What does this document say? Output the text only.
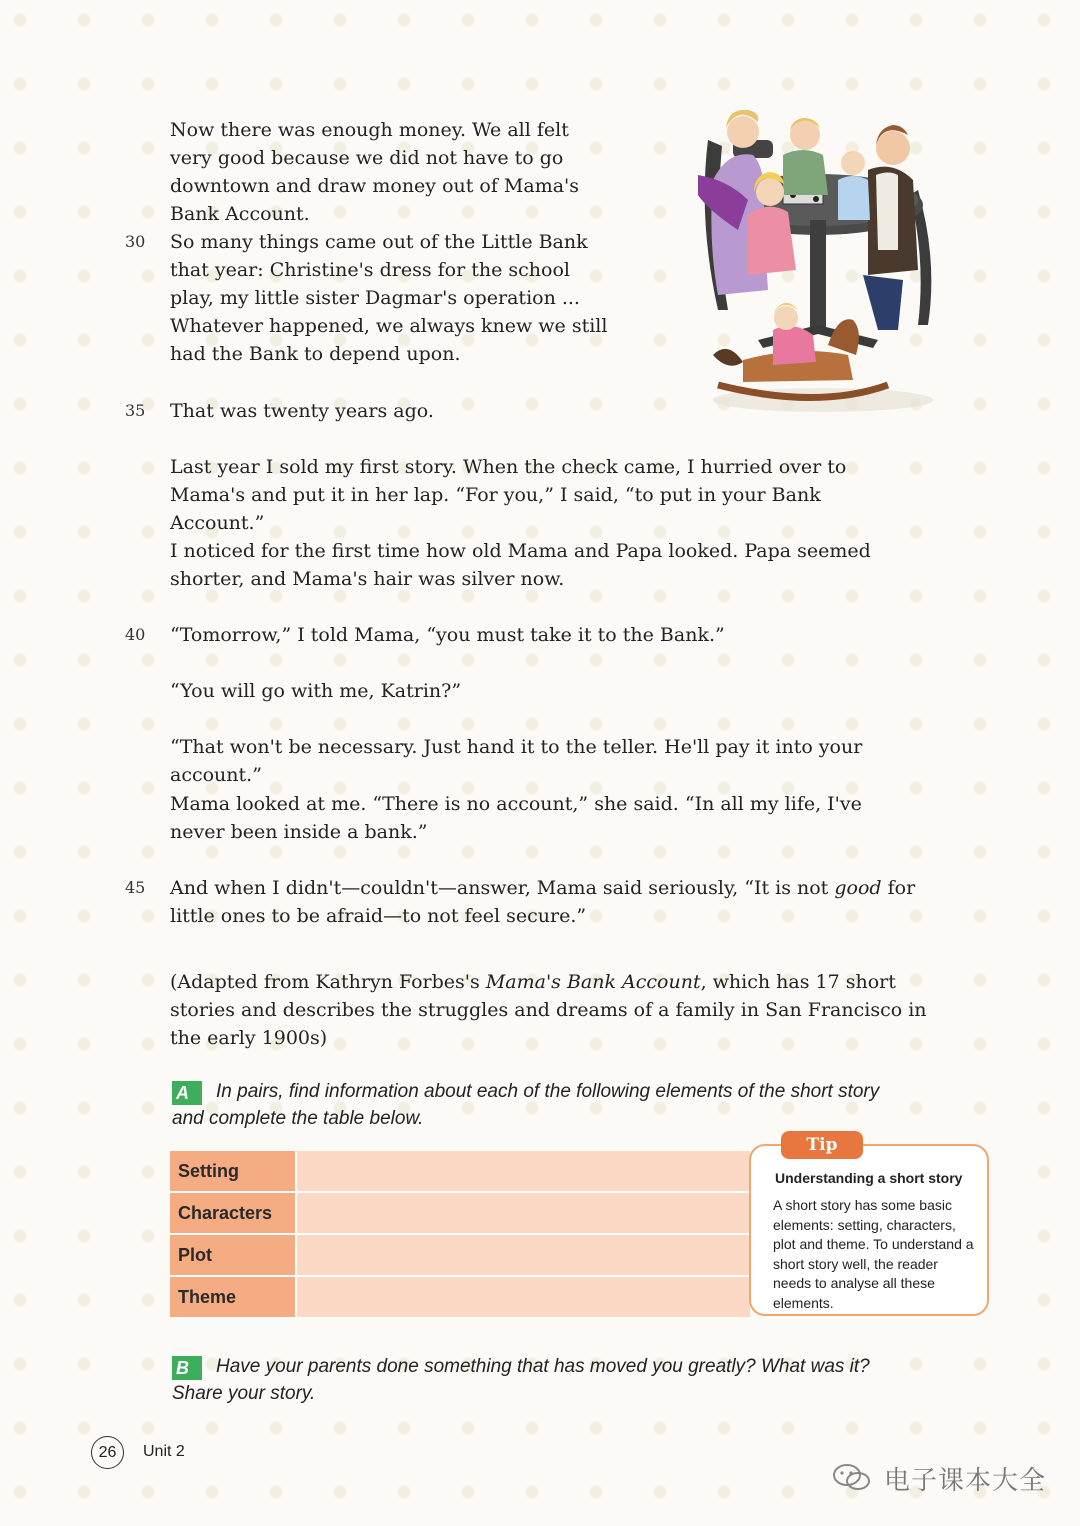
Now there was enough money. We all felt very good because we did not have to go downtown and draw money out of Mama's Bank Account.

30 So many things came out of the Little Bank that year: Christine's dress for the school play, my little sister Dagmar's operation ... Whatever happened, we always knew we still had the Bank to depend upon.

35 That was twenty years ago.

Last year I sold my first story. When the check came, I hurried over to Mama's and put it in her lap. “For you,” I said, “to put in your Bank Account.”

I noticed for the first time how old Mama and Papa looked. Papa seemed shorter, and Mama's hair was silver now.

40 “Tomorrow,” I told Mama, “you must take it to the Bank.”

“You will go with me, Katrin?”

“That won't be necessary. Just hand it to the teller. He'll pay it into your account.”

Mama looked at me. “There is no account,” she said. “In all my life, I've never been inside a bank.”

45 And when I didn't—couldn't—answer, Mama said seriously, “It is not good for little ones to be afraid—to not feel secure.”

(Adapted from Kathryn Forbes's Mama's Bank Account, which has 17 short stories and describes the struggles and dreams of a family in San Francisco in the early 1900s)

A In pairs, find information about each of the following elements of the short story and complete the table below.
Setting	
Characters	
Plot	
Theme	
Tip
Understanding a short story
A short story has some basic elements: setting, characters, plot and theme. To understand a short story well, the reader needs to analyse all these elements.
B Have your parents done something that has moved you greatly? What was it? Share your story.
26	Unit 2
电子课本大全
